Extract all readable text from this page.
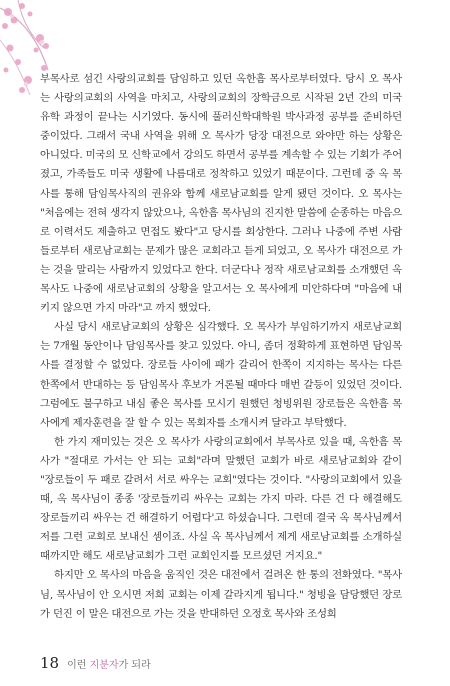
부목사로 섬긴 사랑의교회를 담임하고 있던 옥한흠 목사로부터였다. 당시 오 목사는 사랑의교회의 사역을 마치고, 사랑의교회의 장학금으로 시작된 2년 간의 미국 유학 과정이 끝나는 시기였다. 동시에 풀러신학대학원 박사과정 공부를 준비하던 중이었다. 그래서 국내 사역을 위해 오 목사가 당장 대전으로 와야만 하는 상황은 아니었다. 미국의 모 신학교에서 강의도 하면서 공부를 계속할 수 있는 기회가 주어졌고, 가족들도 미국 생활에 나름대로 정착하고 있었기 때문이다. 그런데 중 옥 목사를 통해 담임목사직의 권유와 함께 새로남교회를 알게 됐던 것이다. 오 목사는 "처음에는 전혀 생각지 않았으나, 옥한흠 목사님의 진지한 말씀에 순종하는 마음으로 이력서도 제출하고 면접도 봤다"고 당시를 회상한다. 그러나 나중에 주변 사람들로부터 새로남교회는 문제가 많은 교회라고 듣게 되었고, 오 목사가 대전으로 가는 것을 말리는 사람까지 있었다고 한다. 더군다나 정작 새로남교회를 소개했던 옥 목사도 나중에 새로남교회의 상황을 알고서는 오 목사에게 미안하다며 "마음에 내키지 않으면 가지 마라"고 까지 했었다.

사실 당시 새로남교회의 상황은 심각했다. 오 목사가 부임하기까지 새로남교회는 7개월 동안이나 담임목사를 찾고 있었다. 아니, 좀더 정확하게 표현하면 담임목사를 결정할 수 없었다. 장로들 사이에 패가 갈리어 한쪽이 지지하는 목사는 다른 한쪽에서 반대하는 등 담임목사 후보가 거론될 때마다 매번 갈등이 있었던 것이다. 그럼에도 불구하고 내심 좋은 목사를 모시기 원했던 청빙위원 장로들은 옥한흠 목사에게 제자훈련을 잘 할 수 있는 목회자를 소개시켜 달라고 부탁했다.

한 가지 재미있는 것은 오 목사가 사랑의교회에서 부목사로 있을 때, 옥한흠 목사가 "절대로 가서는 안 되는 교회"라며 말했던 교회가 바로 새로남교회와 같이 "장로들이 두 패로 갈려서 서로 싸우는 교회"였다는 것이다. "사랑의교회에서 있을 때, 옥 목사님이 종종 '장로들끼리 싸우는 교회는 가지 마라. 다른 건 다 해결해도 장로들끼리 싸우는 건 해결하기 어렵다'고 하셨습니다. 그런데 결국 옥 목사님께서 저를 그런 교회로 보내신 셈이죠. 사실 옥 목사님께서 제게 새로남교회를 소개하실 때까지만 해도 새로남교회가 그런 교회인지를 모르셨던 거지요."

하지만 오 목사의 마음을 움직인 것은 대전에서 걸려온 한 통의 전화였다. "목사님, 목사님이 안 오시면 저희 교회는 이제 갈라지게 됩니다." 청빙을 담당했던 장로가 던진 이 말은 대전으로 가는 것을 반대하던 오정호 목사와 조성희

18 이런 지분자가 되라
